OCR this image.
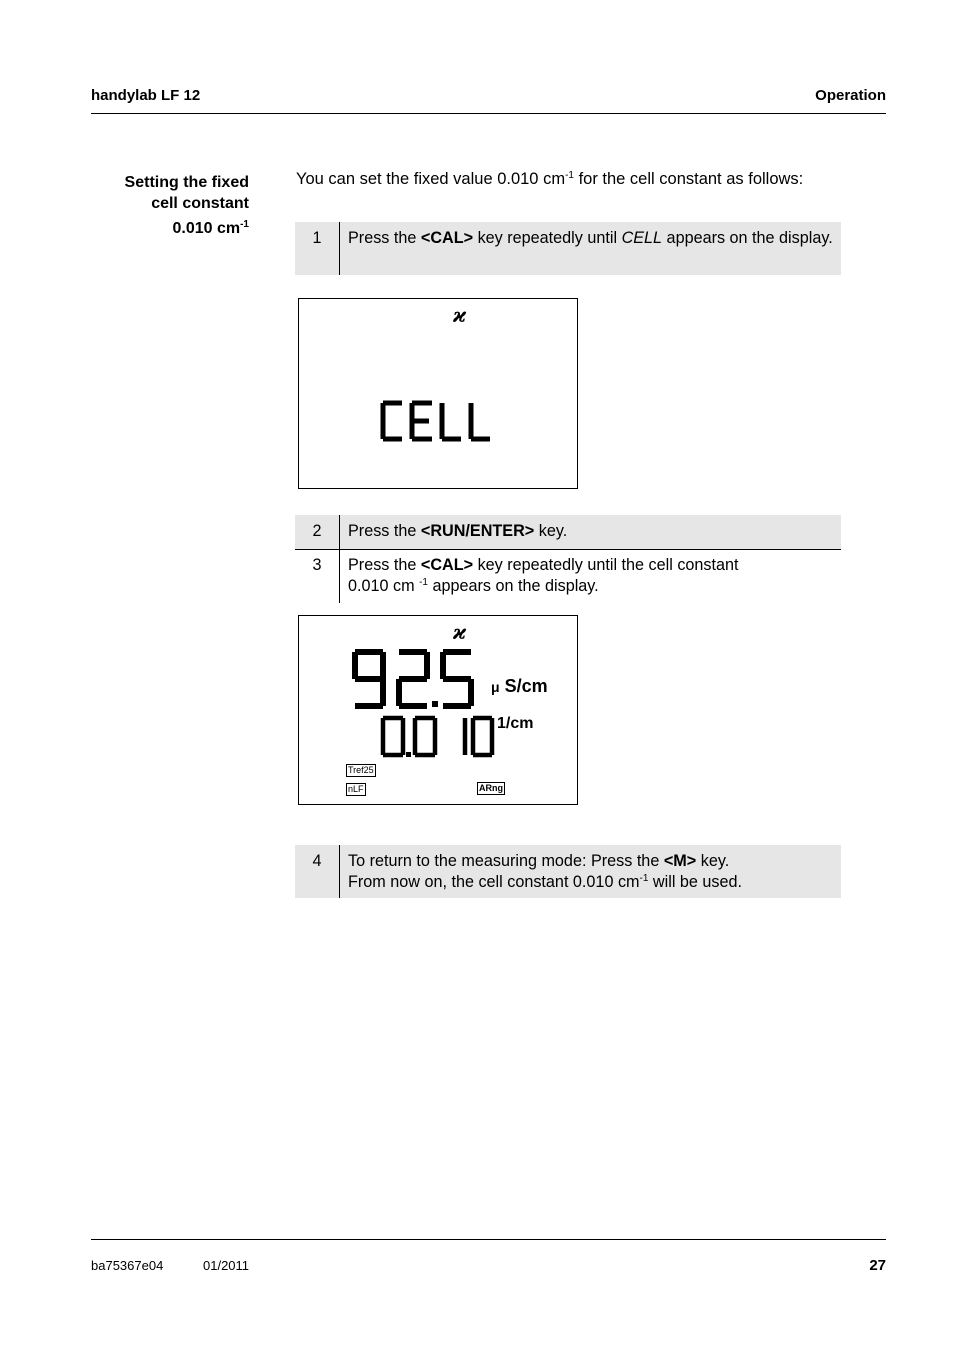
handylab LF 12	Operation
Setting the fixed
cell constant
0.010 $cm^{-1}$
You can set the fixed value 0.010 $cm^{-1}$ for the cell constant as follows:
1	Press the <CAL> key repeatedly until CELL appears on the display.
ϰ
2	Press the <RUN/ENTER> key.
3	Press the <CAL> key repeatedly until the cell constant
0.010 cm $^{-1}$ appears on the display.
ϰ
μ S/cm
1/cm
Tref25
nLF	ARng
4	To return to the measuring mode: Press the <M> key.
From now on, the cell constant 0.010 $cm^{-1}$ will be used.
ba75367e04	01/2011	27
